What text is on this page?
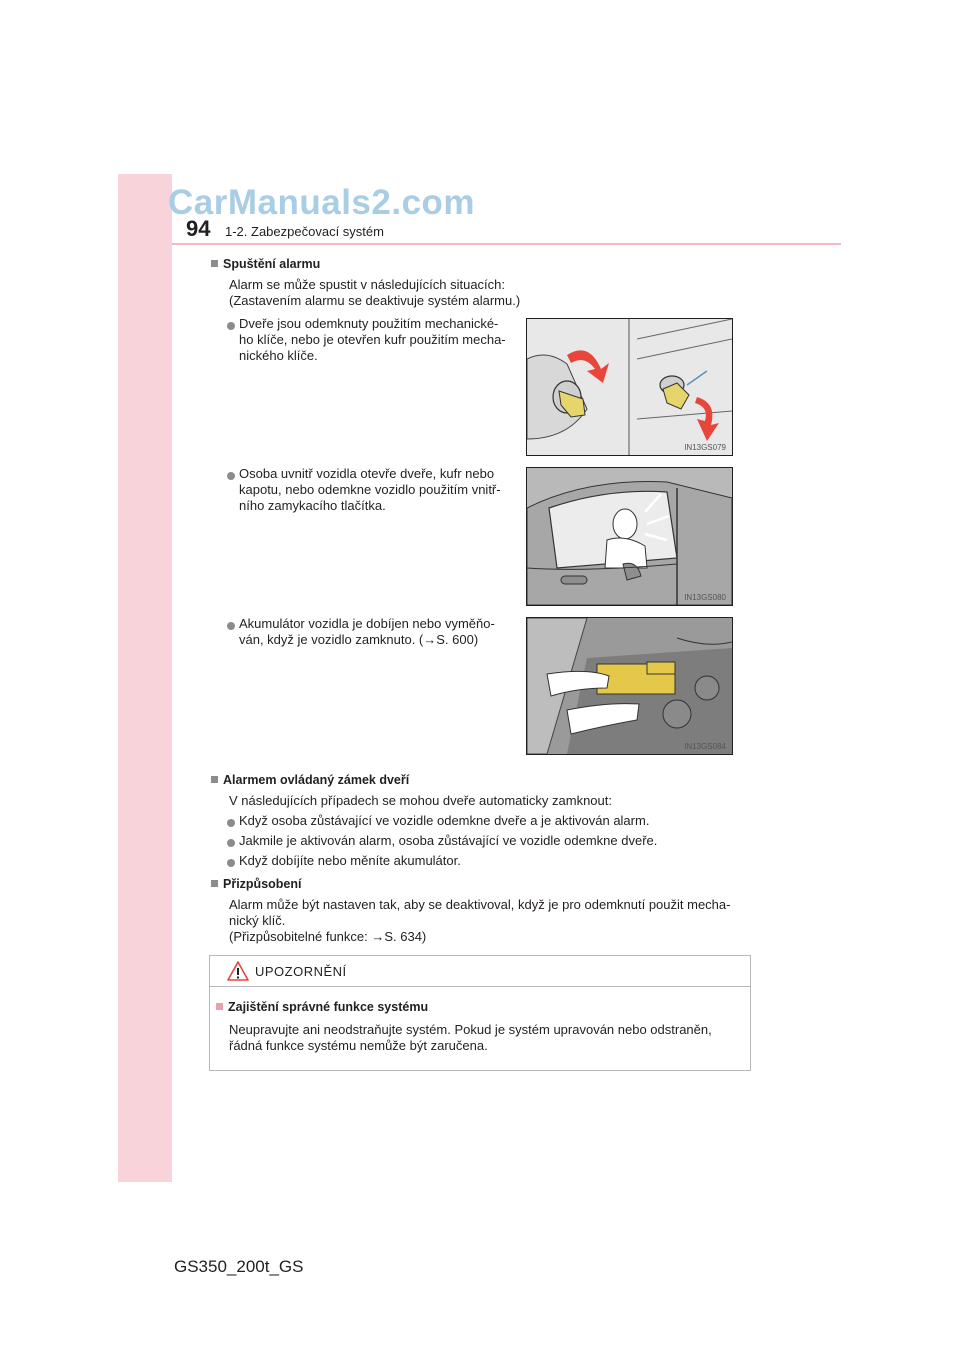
CarManuals2.com
94 1-2. Zabezpečovací systém
Spuštění alarmu
Alarm se může spustit v následujících situacích:
(Zastavením alarmu se deaktivuje systém alarmu.)
Dveře jsou odemknuty použitím mechanické-
ho klíče, nebo je otevřen kufr použitím mecha-
nického klíče.
IN13GS079
Osoba uvnitř vozidla otevře dveře, kufr nebo
kapotu, nebo odemkne vozidlo použitím vnitř-
ního zamykacího tlačítka.
IN13GS080
Akumulátor vozidla je dobíjen nebo vyměňo-
ván, když je vozidlo zamknuto. (→S. 600)
IN13GS084
Alarmem ovládaný zámek dveří
V následujících případech se mohou dveře automaticky zamknout:
Když osoba zůstávající ve vozidle odemkne dveře a je aktivován alarm.
Jakmile je aktivován alarm, osoba zůstávající ve vozidle odemkne dveře.
Když dobíjíte nebo měníte akumulátor.
Přizpůsobení
Alarm může být nastaven tak, aby se deaktivoval, když je pro odemknutí použit mecha-
nický klíč.
(Přizpůsobitelné funkce: →S. 634)
UPOZORNĚNÍ
Zajištění správné funkce systému
Neupravujte ani neodstraňujte systém. Pokud je systém upravován nebo odstraněn,
řádná funkce systému nemůže být zaručena.
GS350_200t_GS
